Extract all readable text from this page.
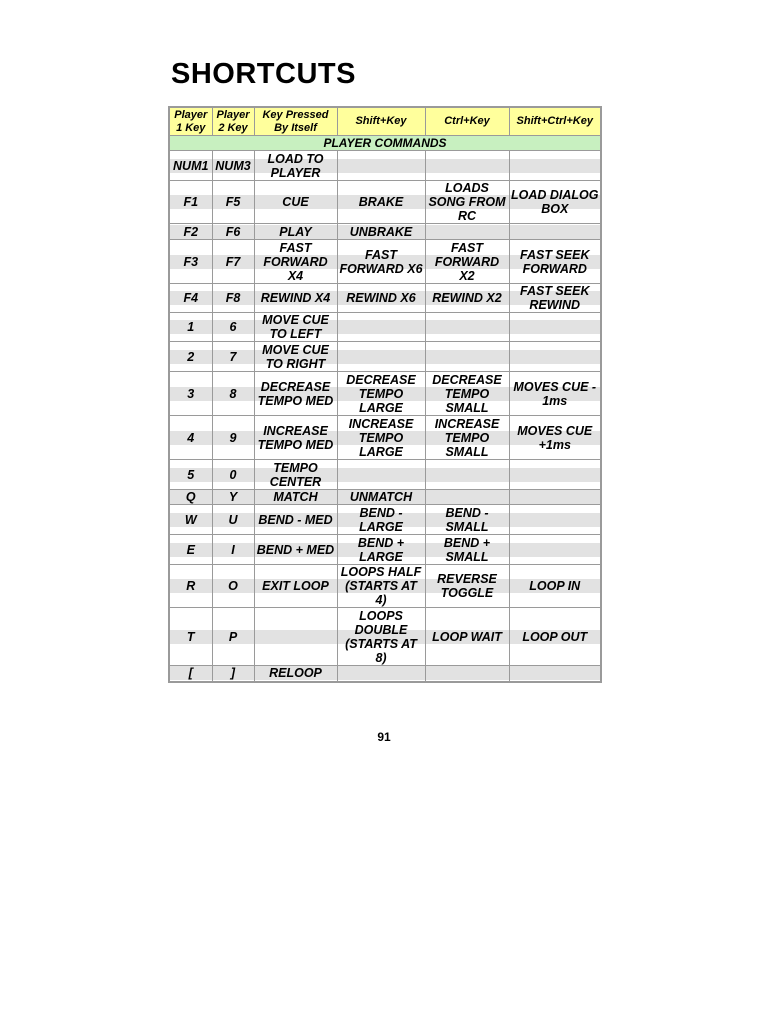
SHORTCUTS
Player 1 Key	Player 2 Key	Key Pressed By Itself	Shift+Key	Ctrl+Key	Shift+Ctrl+Key
PLAYER COMMANDS					

NUM1	NUM3	LOAD TO PLAYER			

F1	F5	CUE	BRAKE	LOADS SONG FROM RC	LOAD DIALOG BOX

F2	F6	PLAY	UNBRAKE		

F3	F7	FAST FORWARD X4	FAST FORWARD X6	FAST FORWARD X2	FAST SEEK FORWARD

F4	F8	REWIND X4	REWIND X6	REWIND X2	FAST SEEK REWIND

1	6	MOVE CUE TO LEFT			

2	7	MOVE CUE TO RIGHT			

3	8	DECREASE TEMPO MED	DECREASE TEMPO LARGE	DECREASE TEMPO SMALL	MOVES CUE - 1ms

4	9	INCREASE TEMPO MED	INCREASE TEMPO LARGE	INCREASE TEMPO SMALL	MOVES CUE +1ms

5	0	TEMPO CENTER			

Q	Y	MATCH	UNMATCH		

W	U	BEND - MED	BEND - LARGE	BEND - SMALL	

E	I	BEND + MED	BEND + LARGE	BEND + SMALL	

R	O	EXIT LOOP	LOOPS HALF (STARTS AT 4)	REVERSE TOGGLE	LOOP IN

T	P		LOOPS DOUBLE (STARTS AT 8)	LOOP WAIT	LOOP OUT

[	]	RELOOP			

91
